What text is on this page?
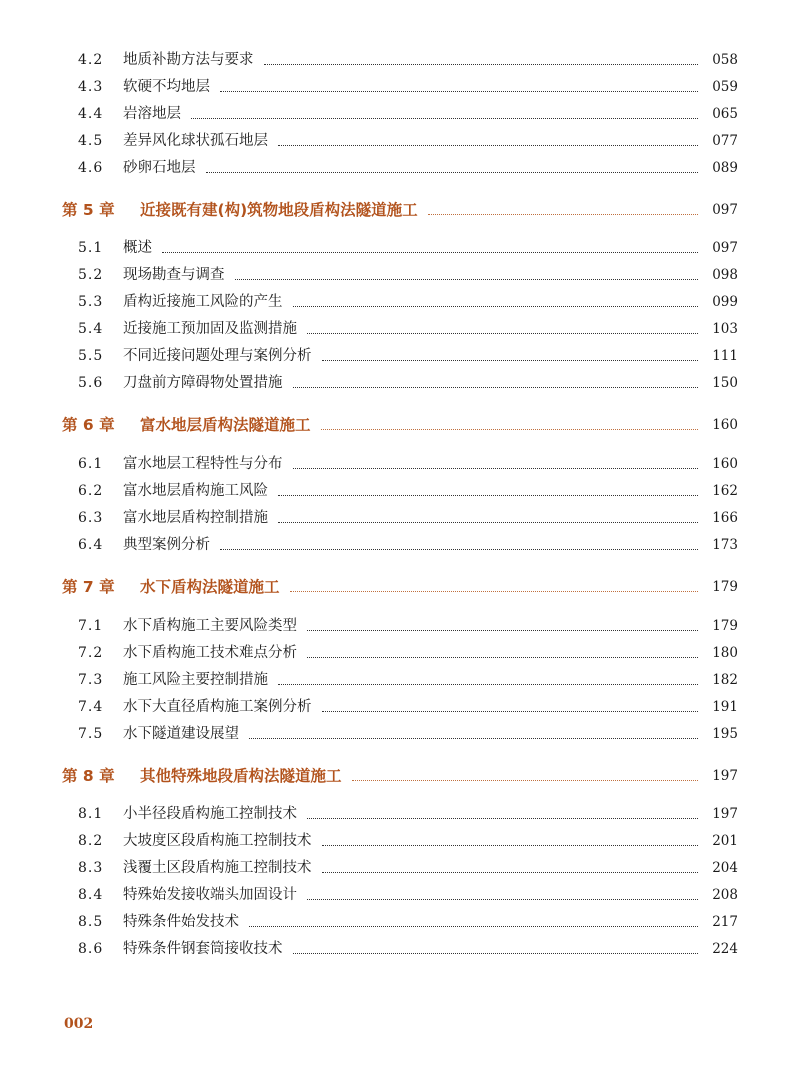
4.2	地质补勘方法与要求	058
4.3	软硬不均地层	059
4.4	岩溶地层	065
4.5	差异风化球状孤石地层	077
4.6	砂卵石地层	089
第 5 章 近接既有建(构)筑物地段盾构法隧道施工	097
5.1	概述	097
5.2	现场勘查与调查	098
5.3	盾构近接施工风险的产生	099
5.4	近接施工预加固及监测措施	103
5.5	不同近接问题处理与案例分析	111
5.6	刀盘前方障碍物处置措施	150
第 6 章 富水地层盾构法隧道施工	160
6.1	富水地层工程特性与分布	160
6.2	富水地层盾构施工风险	162
6.3	富水地层盾构控制措施	166
6.4	典型案例分析	173
第 7 章 水下盾构法隧道施工	179
7.1	水下盾构施工主要风险类型	179
7.2	水下盾构施工技术难点分析	180
7.3	施工风险主要控制措施	182
7.4	水下大直径盾构施工案例分析	191
7.5	水下隧道建设展望	195
第 8 章 其他特殊地段盾构法隧道施工	197
8.1	小半径段盾构施工控制技术	197
8.2	大坡度区段盾构施工控制技术	201
8.3	浅覆土区段盾构施工控制技术	204
8.4	特殊始发接收端头加固设计	208
8.5	特殊条件始发技术	217
8.6	特殊条件钢套筒接收技术	224
002
